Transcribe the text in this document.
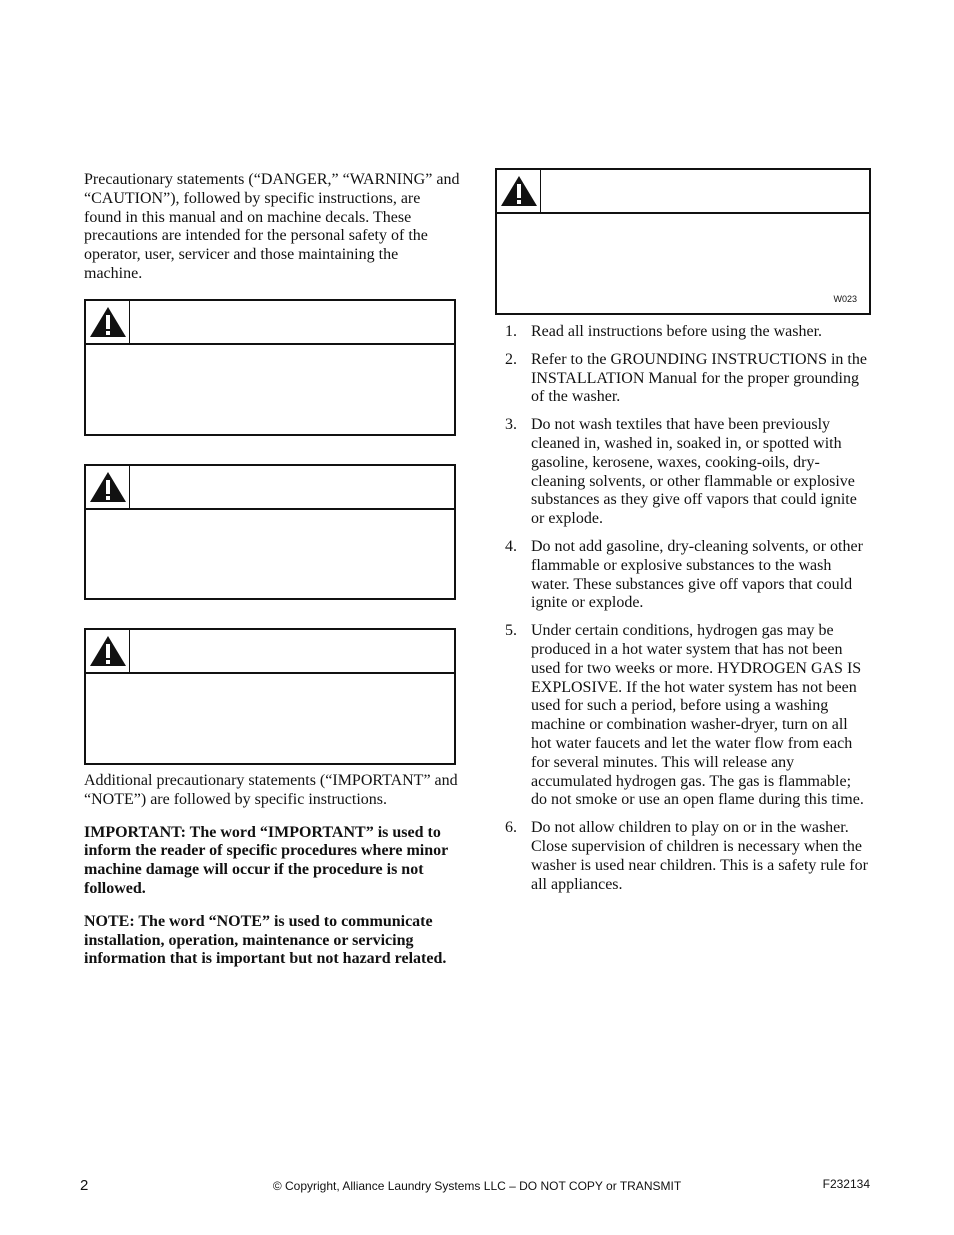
Precautionary statements (“DANGER,” “WARNING” and “CAUTION”), followed by specific instructions, are found in this manual and on machine decals. These precautions are intended for the personal safety of the operator, user, servicer and those maintaining the machine.

Additional precautionary statements (“IMPORTANT” and “NOTE”) are followed by specific instructions.

IMPORTANT: The word “IMPORTANT” is used to inform the reader of specific procedures where minor machine damage will occur if the procedure is not followed.

NOTE: The word “NOTE” is used to communicate installation, operation, maintenance or servicing information that is important but not hazard related.

W023
1. Read all instructions before using the washer.
2. Refer to the GROUNDING INSTRUCTIONS in the INSTALLATION Manual for the proper grounding of the washer.
3. Do not wash textiles that have been previously cleaned in, washed in, soaked in, or spotted with gasoline, kerosene, waxes, cooking-oils, dry-cleaning solvents, or other flammable or explosive substances as they give off vapors that could ignite or explode.
4. Do not add gasoline, dry-cleaning solvents, or other flammable or explosive substances to the wash water. These substances give off vapors that could ignite or explode.
5. Under certain conditions, hydrogen gas may be produced in a hot water system that has not been used for two weeks or more. HYDROGEN GAS IS EXPLOSIVE. If the hot water system has not been used for such a period, before using a washing machine or combination washer-dryer, turn on all hot water faucets and let the water flow from each for several minutes. This will release any accumulated hydrogen gas. The gas is flammable; do not smoke or use an open flame during this time.
6. Do not allow children to play on or in the washer. Close supervision of children is necessary when the washer is used near children. This is a safety rule for all appliances.
2	© Copyright, Alliance Laundry Systems LLC – DO NOT COPY or TRANSMIT	F232134
